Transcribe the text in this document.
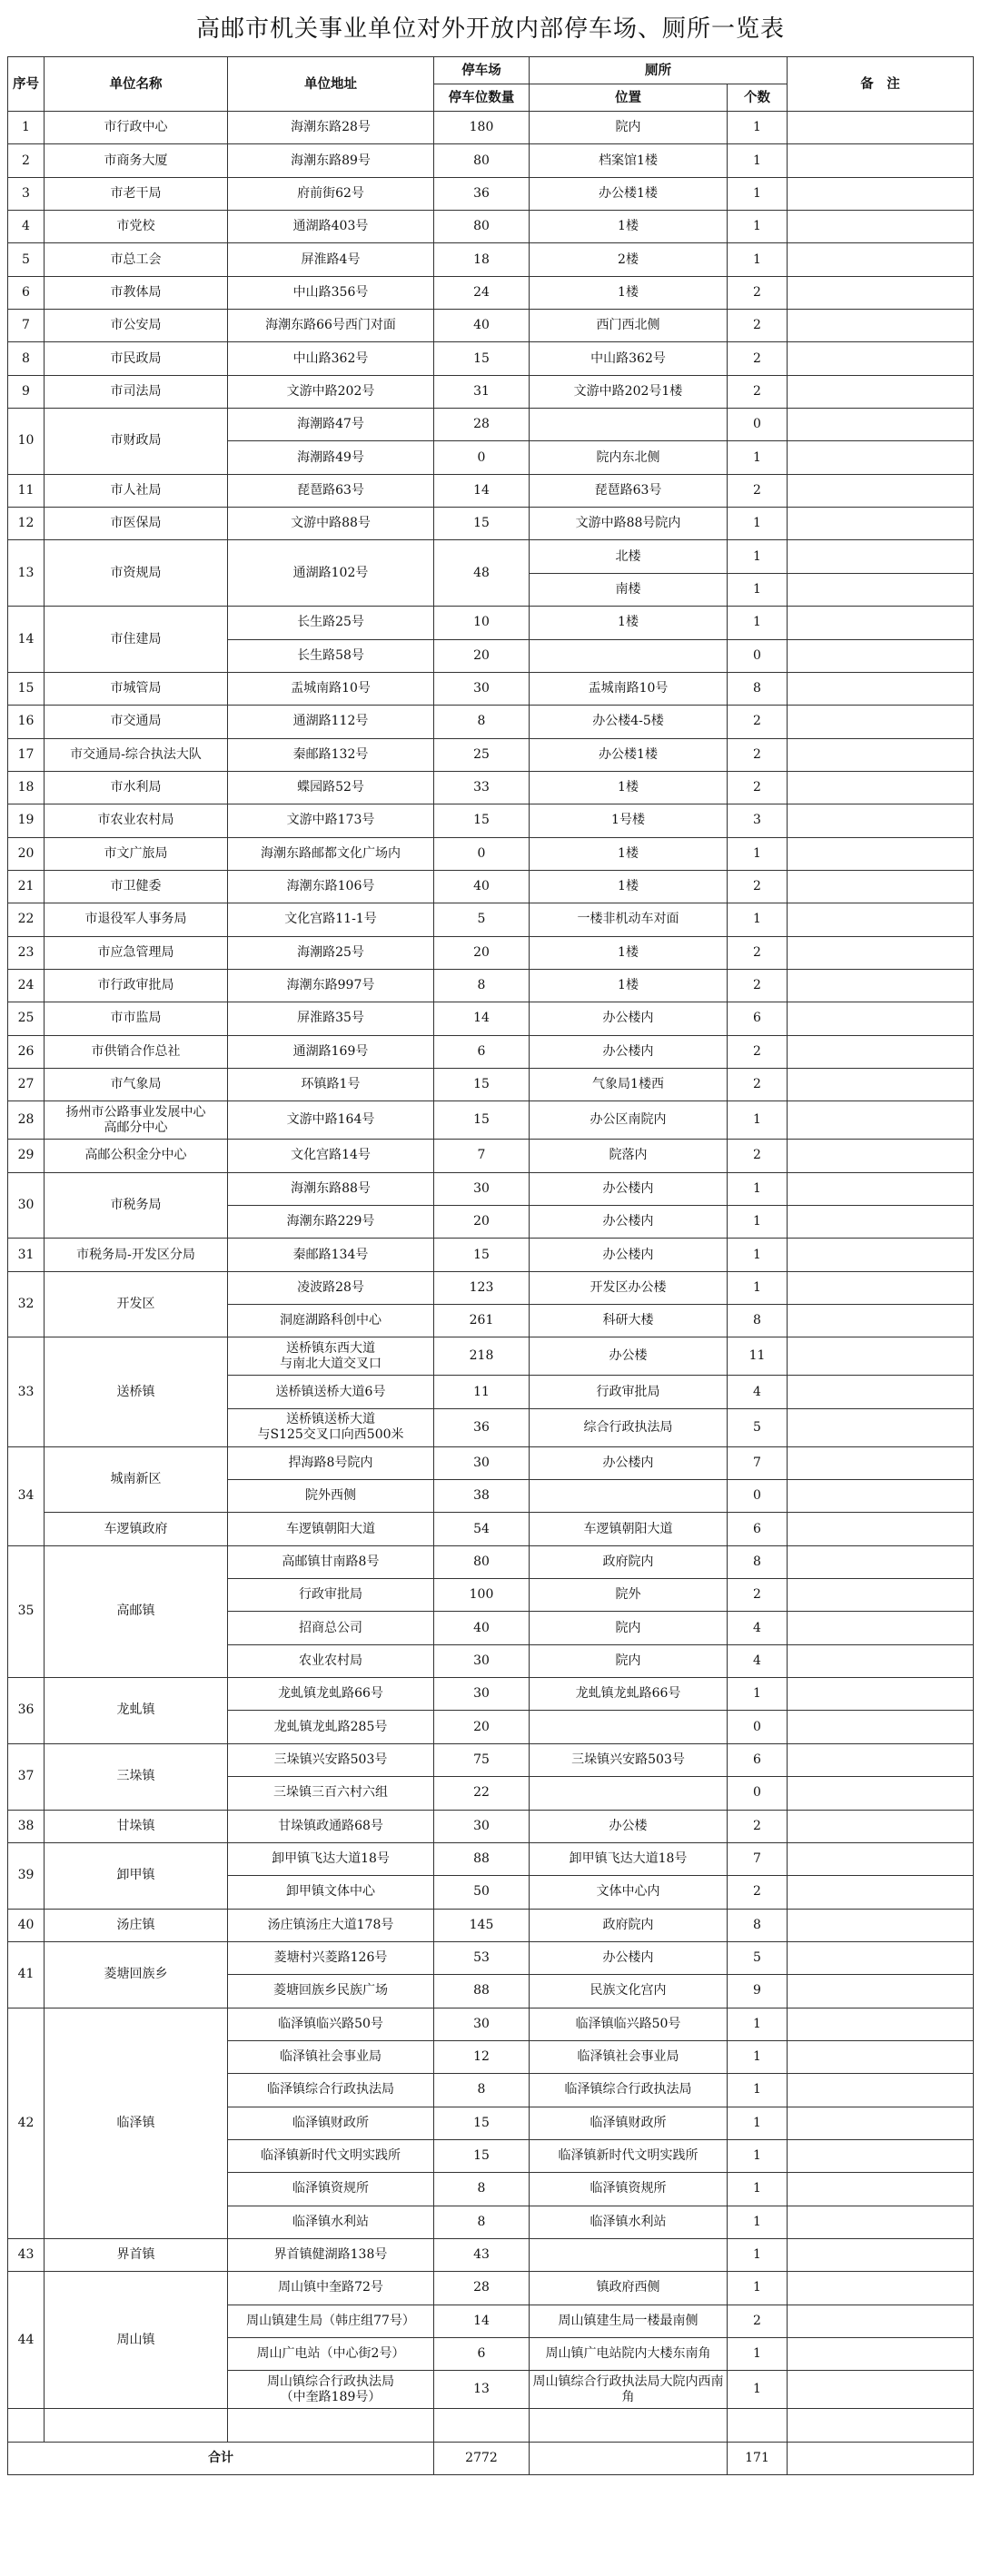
高邮市机关事业单位对外开放内部停车场、厕所一览表
序号	单位名称	单位地址	停车场	厕所		备　注
			停车位数量	位置	个数	
1	市行政中心	海潮东路28号	180	院内	1	
2	市商务大厦	海潮东路89号	80	档案馆1楼	1	
3	市老干局	府前街62号	36	办公楼1楼	1	
4	市党校	通湖路403号	80	1楼	1	
5	市总工会	屏淮路4号	18	2楼	1	
6	市教体局	中山路356号	24	1楼	2	
7	市公安局	海潮东路66号西门对面	40	西门西北侧	2	
8	市民政局	中山路362号	15	中山路362号	2	
9	市司法局	文游中路202号	31	文游中路202号1楼	2	
10	市财政局	海潮路47号	28		0	
		海潮路49号	0	院内东北侧	1	
11	市人社局	琵琶路63号	14	琵琶路63号	2	
12	市医保局	文游中路88号	15	文游中路88号院内	1	
13	市资规局	通湖路102号	48	北楼	1	
				南楼	1	
14	市住建局	长生路25号	10	1楼	1	
		长生路58号	20		0	
15	市城管局	盂城南路10号	30	盂城南路10号	8	
16	市交通局	通湖路112号	8	办公楼4-5楼	2	
17	市交通局-综合执法大队	秦邮路132号	25	办公楼1楼	2	
18	市水利局	蝶园路52号	33	1楼	2	
19	市农业农村局	文游中路173号	15	1号楼	3	
20	市文广旅局	海潮东路邮都文化广场内	0	1楼	1	
21	市卫健委	海潮东路106号	40	1楼	2	
22	市退役军人事务局	文化宫路11-1号	5	一楼非机动车对面	1	
23	市应急管理局	海潮路25号	20	1楼	2	
24	市行政审批局	海潮东路997号	8	1楼	2	
25	市市监局	屏淮路35号	14	办公楼内	6	
26	市供销合作总社	通湖路169号	6	办公楼内	2	
27	市气象局	环镇路1号	15	气象局1楼西	2	
28	扬州市公路事业发展中心
高邮分中心	文游中路164号	15	办公区南院内	1	
29	高邮公积金分中心	文化宫路14号	7	院落内	2	
30	市税务局	海潮东路88号	30	办公楼内	1	
		海潮东路229号	20	办公楼内	1	
31	市税务局-开发区分局	秦邮路134号	15	办公楼内	1	
32	开发区	凌波路28号	123	开发区办公楼	1	
		洞庭湖路科创中心	261	科研大楼	8	
33	送桥镇	送桥镇东西大道
与南北大道交叉口	218	办公楼	11	
		送桥镇送桥大道6号	11	行政审批局	4	
		送桥镇送桥大道
与S125交叉口向西500米	36	综合行政执法局	5	
34	城南新区	捍海路8号院内	30	办公楼内	7	
		院外西侧	38		0	
	车逻镇政府	车逻镇朝阳大道	54	车逻镇朝阳大道	6	
35	高邮镇	高邮镇甘南路8号	80	政府院内	8	
		行政审批局	100	院外	2	
		招商总公司	40	院内	4	
		农业农村局	30	院内	4	
36	龙虬镇	龙虬镇龙虬路66号	30	龙虬镇龙虬路66号	1	
		龙虬镇龙虬路285号	20		0	
37	三垛镇	三垛镇兴安路503号	75	三垛镇兴安路503号	6	
		三垛镇三百六村六组	22		0	
38	甘垛镇	甘垛镇政通路68号	30	办公楼	2	
39	卸甲镇	卸甲镇飞达大道18号	88	卸甲镇飞达大道18号	7	
		卸甲镇文体中心	50	文体中心内	2	
40	汤庄镇	汤庄镇汤庄大道178号	145	政府院内	8	
41	菱塘回族乡	菱塘村兴菱路126号	53	办公楼内	5	
		菱塘回族乡民族广场	88	民族文化宫内	9	
42	临泽镇	临泽镇临兴路50号	30	临泽镇临兴路50号	1	
		临泽镇社会事业局	12	临泽镇社会事业局	1	
		临泽镇综合行政执法局	8	临泽镇综合行政执法局	1	
		临泽镇财政所	15	临泽镇财政所	1	
		临泽镇新时代文明实践所	15	临泽镇新时代文明实践所	1	
		临泽镇资规所	8	临泽镇资规所	1	
		临泽镇水利站	8	临泽镇水利站	1	
43	界首镇	界首镇健湖路138号	43		1	
44	周山镇	周山镇中奎路72号	28	镇政府西侧	1	
		周山镇建生局（韩庄组77号）	14	周山镇建生局一楼最南侧	2	
		周山广电站（中心街2号）	6	周山镇广电站院内大楼东南角	1	
		周山镇综合行政执法局
（中奎路189号）	13	周山镇综合行政执法局大院内西南角	1	

合计			2772		171	
